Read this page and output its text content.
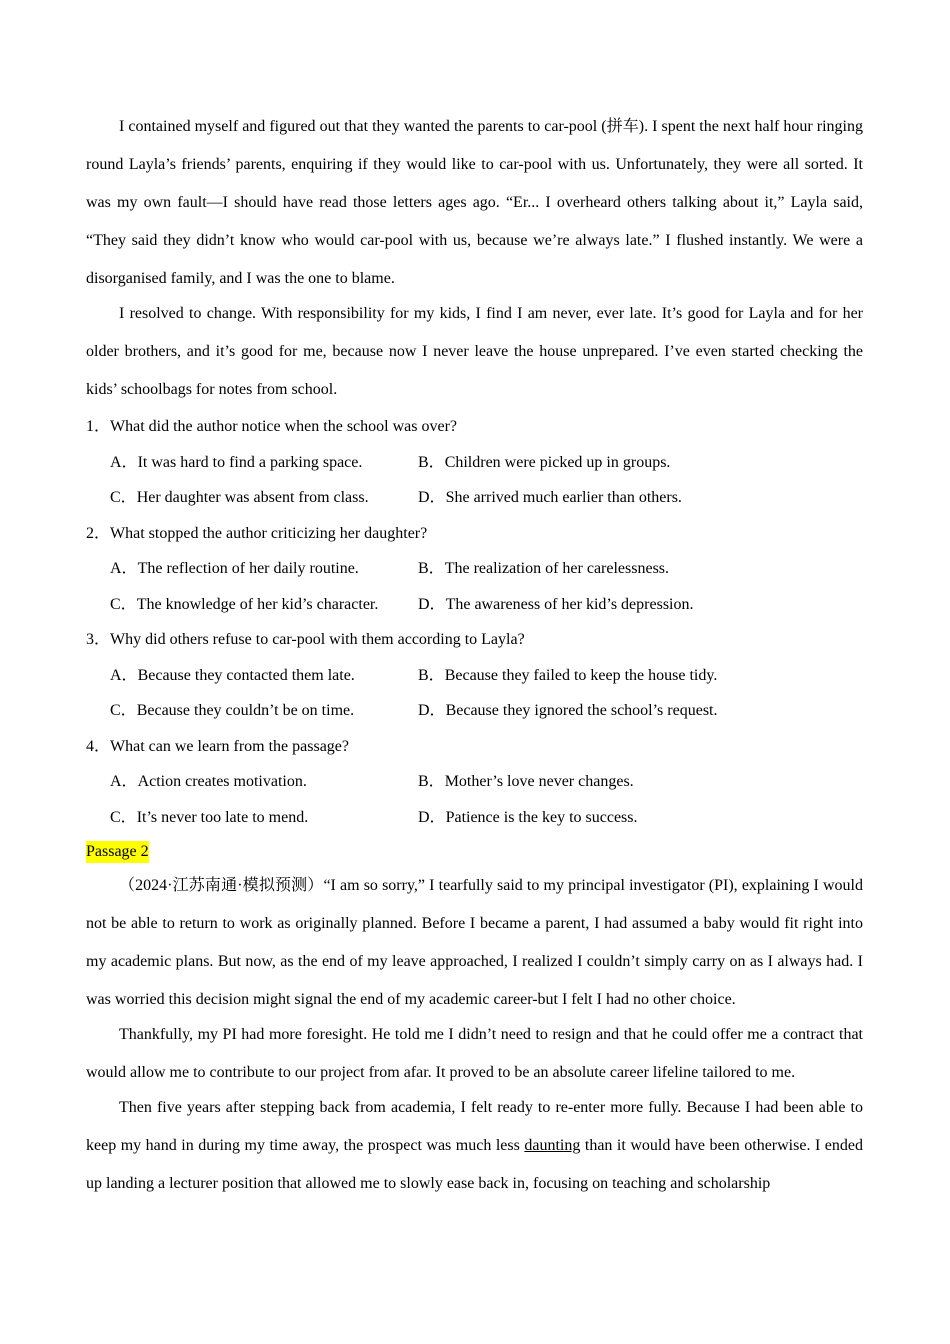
I contained myself and figured out that they wanted the parents to car-pool (拼车). I spent the next half hour ringing round Layla’s friends’ parents, enquiring if they would like to car-pool with us. Unfortunately, they were all sorted. It was my own fault—I should have read those letters ages ago. “Er... I overheard others talking about it,” Layla said, “They said they didn’t know who would car-pool with us, because we’re always late.” I flushed instantly. We were a disorganised family, and I was the one to blame.

I resolved to change. With responsibility for my kids, I find I am never, ever late. It’s good for Layla and for her older brothers, and it’s good for me, because now I never leave the house unprepared. I’ve even started checking the kids’ schoolbags for notes from school.

1．What did the author notice when the school was over?

A． It was hard to find a parking space.	B． Children were picked up in groups.
C． Her daughter was absent from class.	D． She arrived much earlier than others.

2．What stopped the author criticizing her daughter?

A． The reflection of her daily routine.	B． The realization of her carelessness.
C． The knowledge of her kid’s character. D． The awareness of her kid’s depression.

3．Why did others refuse to car-pool with them according to Layla?

A． Because they contacted them late.	B． Because they failed to keep the house tidy.
C． Because they couldn’t be on time.	D． Because they ignored the school’s request.

4．What can we learn from the passage?

A． Action creates motivation.	B． Mother’s love never changes.
C． It’s never too late to mend.	D． Patience is the key to success.
Passage 2

（2024·江苏南通·模拟预测）“I am so sorry,” I tearfully said to my principal investigator (PI), explaining I would not be able to return to work as originally planned. Before I became a parent, I had assumed a baby would fit right into my academic plans. But now, as the end of my leave approached, I realized I couldn’t simply carry on as I always had. I was worried this decision might signal the end of my academic career-but I felt I had no other choice.

Thankfully, my PI had more foresight. He told me I didn’t need to resign and that he could offer me a contract that would allow me to contribute to our project from afar. It proved to be an absolute career lifeline tailored to me.

Then five years after stepping back from academia, I felt ready to re-enter more fully. Because I had been able to keep my hand in during my time away, the prospect was much less daunting than it would have been otherwise. I ended up landing a lecturer position that allowed me to slowly ease back in, focusing on teaching and scholarship
